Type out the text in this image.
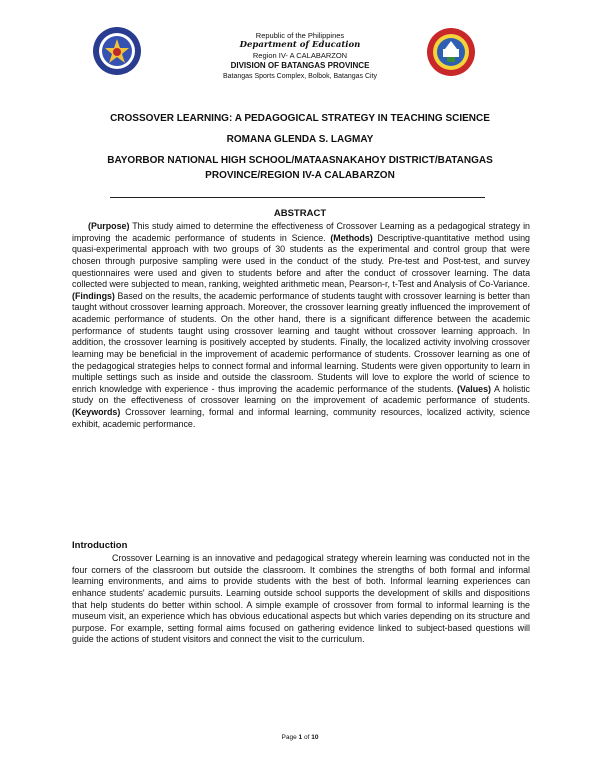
Republic of the Philippines
Department of Education
Region IV- A CALABARZON
DIVISION OF BATANGAS PROVINCE
Batangas Sports Complex, Bolbok, Batangas City
CROSSOVER LEARNING: A PEDAGOGICAL STRATEGY IN TEACHING SCIENCE
ROMANA GLENDA S. LAGMAY
BAYORBOR NATIONAL HIGH SCHOOL/MATAASNAKAHOY DISTRICT/BATANGAS
PROVINCE/REGION IV-A CALABARZON
ABSTRACT
(Purpose) This study aimed to determine the effectiveness of Crossover Learning as a pedagogical strategy in improving the academic performance of students in Science. (Methods) Descriptive-quantitative method using quasi-experimental approach with two groups of 30 students as the experimental and control group that were chosen through purposive sampling were used in the conduct of the study. Pre-test and Post-test, and survey questionnaires were used and given to students before and after the conduct of crossover learning. The data collected were subjected to mean, ranking, weighted arithmetic mean, Pearson-r, t-Test and Analysis of Co-Variance. (Findings) Based on the results, the academic performance of students taught with crossover learning is better than taught without crossover learning approach. Moreover, the crossover learning greatly influenced the improvement of academic performance of students. On the other hand, there is a significant difference between the academic performance of students taught using crossover learning and taught without crossover learning approach. In addition, the crossover learning is positively accepted by students. Finally, the localized activity involving crossover learning may be beneficial in the improvement of academic performance of students. Crossover learning as one of the pedagogical strategies helps to connect formal and informal learning. Students were given opportunity to learn in multiple settings such as inside and outside the classroom. Students will love to explore the world of science to enrich knowledge with experience - thus improving the academic performance of the students. (Values) A holistic study on the effectiveness of crossover learning on the improvement of academic performance of students. (Keywords) Crossover learning, formal and informal learning, community resources, localized activity, science exhibit, academic performance.
Introduction
Crossover Learning is an innovative and pedagogical strategy wherein learning was conducted not in the four corners of the classroom but outside the classroom. It combines the strengths of both formal and informal learning environments, and aims to provide students with the best of both. Informal learning experiences can enhance students' academic pursuits. Learning outside school supports the development of skills and dispositions that help students do better within school. A simple example of crossover from formal to informal learning is the museum visit, an experience which has obvious educational aspects but which varies depending on its structure and purpose. For example, setting formal aims focused on gathering evidence linked to subject-based questions will guide the actions of student visitors and connect the visit to the curriculum.
Page 1 of 10
